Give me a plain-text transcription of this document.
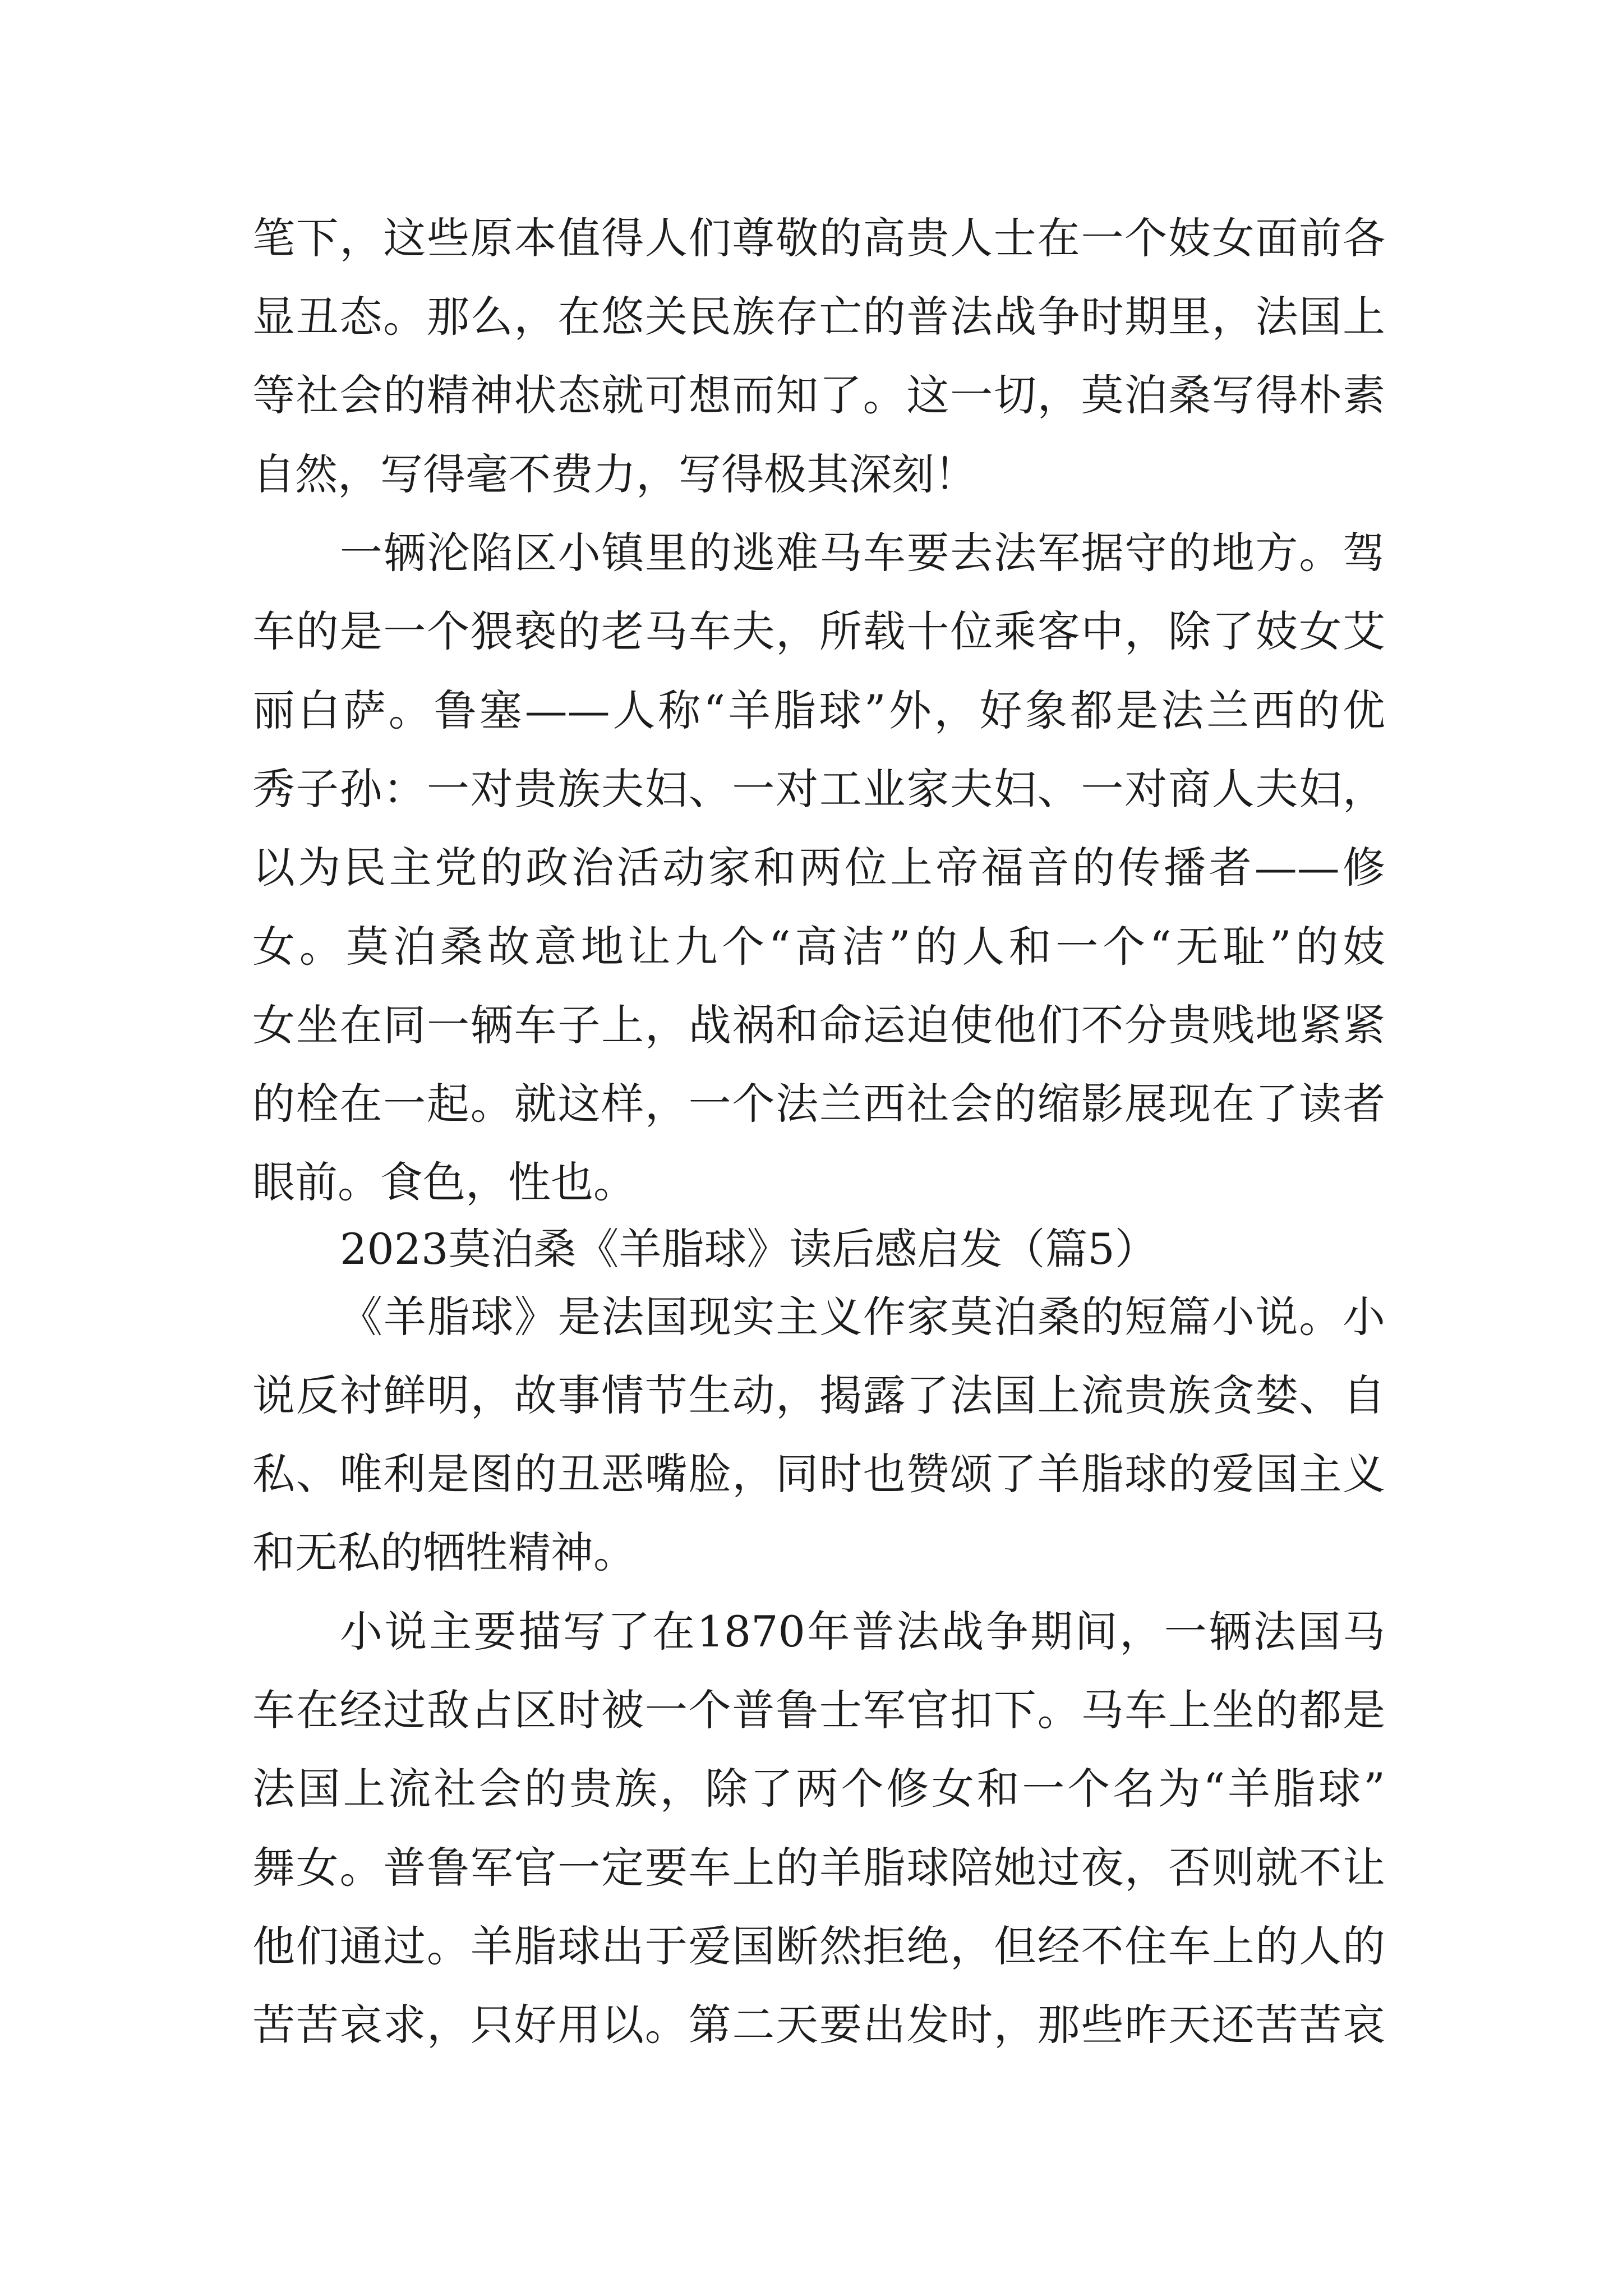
笔下，这些原本值得人们尊敬的高贵人士在一个妓女面前各
显丑态。那么，在悠关民族存亡的普法战争时期里，法国上
等社会的精神状态就可想而知了。这一切，莫泊桑写得朴素
自然，写得毫不费力，写得极其深刻！
一辆沦陷区小镇里的逃难马车要去法军据守的地方。驾
车的是一个猥亵的老马车夫，所载十位乘客中，除了妓女艾
丽白萨。鲁塞——人称“羊脂球”外，好象都是法兰西的优
秀子孙：一对贵族夫妇、一对工业家夫妇、一对商人夫妇，
以为民主党的政治活动家和两位上帝福音的传播者——修
女。莫泊桑故意地让九个“高洁”的人和一个“无耻”的妓
女坐在同一辆车子上，战祸和命运迫使他们不分贵贱地紧紧
的栓在一起。就这样，一个法兰西社会的缩影展现在了读者
眼前。食色，性也。
2023莫泊桑《羊脂球》读后感启发（篇5）
《羊脂球》是法国现实主义作家莫泊桑的短篇小说。小
说反衬鲜明，故事情节生动，揭露了法国上流贵族贪婪、自
私、唯利是图的丑恶嘴脸，同时也赞颂了羊脂球的爱国主义
和无私的牺牲精神。
小说主要描写了在1870年普法战争期间，一辆法国马
车在经过敌占区时被一个普鲁士军官扣下。马车上坐的都是
法国上流社会的贵族，除了两个修女和一个名为“羊脂球”
舞女。普鲁军官一定要车上的羊脂球陪她过夜，否则就不让
他们通过。羊脂球出于爱国断然拒绝，但经不住车上的人的
苦苦哀求，只好用以。第二天要出发时，那些昨天还苦苦哀
